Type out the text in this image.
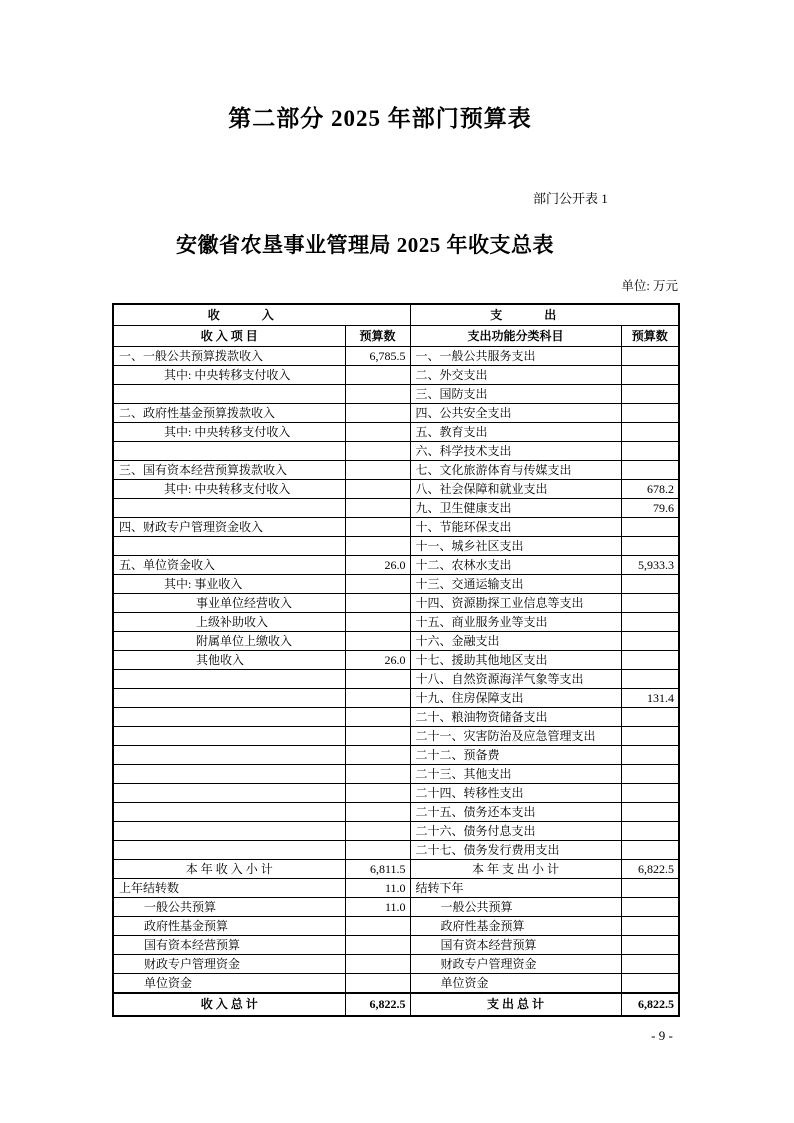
第二部分 2025 年部门预算表
部门公开表 1
安徽省农垦事业管理局 2025 年收支总表
单位: 万元
收入		支出	
收 入 项 目	预算数	支出功能分类科目	预算数
一、一般公共预算拨款收入	6,785.5	一、一般公共服务支出	
其中: 中央转移支付收入		二、外交支出	
		三、国防支出	
二、政府性基金预算拨款收入		四、公共安全支出	
其中: 中央转移支付收入		五、教育支出	
		六、科学技术支出	
三、国有资本经营预算拨款收入		七、文化旅游体育与传媒支出	
其中: 中央转移支付收入		八、社会保障和就业支出	678.2
		九、卫生健康支出	79.6
四、财政专户管理资金收入		十、节能环保支出	
		十一、城乡社区支出	
五、单位资金收入	26.0	十二、农林水支出	5,933.3
其中: 事业收入		十三、交通运输支出	
事业单位经营收入		十四、资源勘探工业信息等支出	
上级补助收入		十五、商业服务业等支出	
附属单位上缴收入		十六、金融支出	
其他收入	26.0	十七、援助其他地区支出	
		十八、自然资源海洋气象等支出	
		十九、住房保障支出	131.4
		二十、粮油物资储备支出	
		二十一、灾害防治及应急管理支出	
		二十二、预备费	
		二十三、其他支出	
		二十四、转移性支出	
		二十五、债务还本支出	
		二十六、债务付息支出	
		二十七、债务发行费用支出	
本 年 收 入 小 计	6,811.5	本 年 支 出 小 计	6,822.5
上年结转数	11.0	结转下年	
一般公共预算	11.0	一般公共预算	
政府性基金预算		政府性基金预算	
国有资本经营预算		国有资本经营预算	
财政专户管理资金		财政专户管理资金	
单位资金		单位资金	
收 入 总 计	6,822.5	支 出 总 计	6,822.5
- 9 -
